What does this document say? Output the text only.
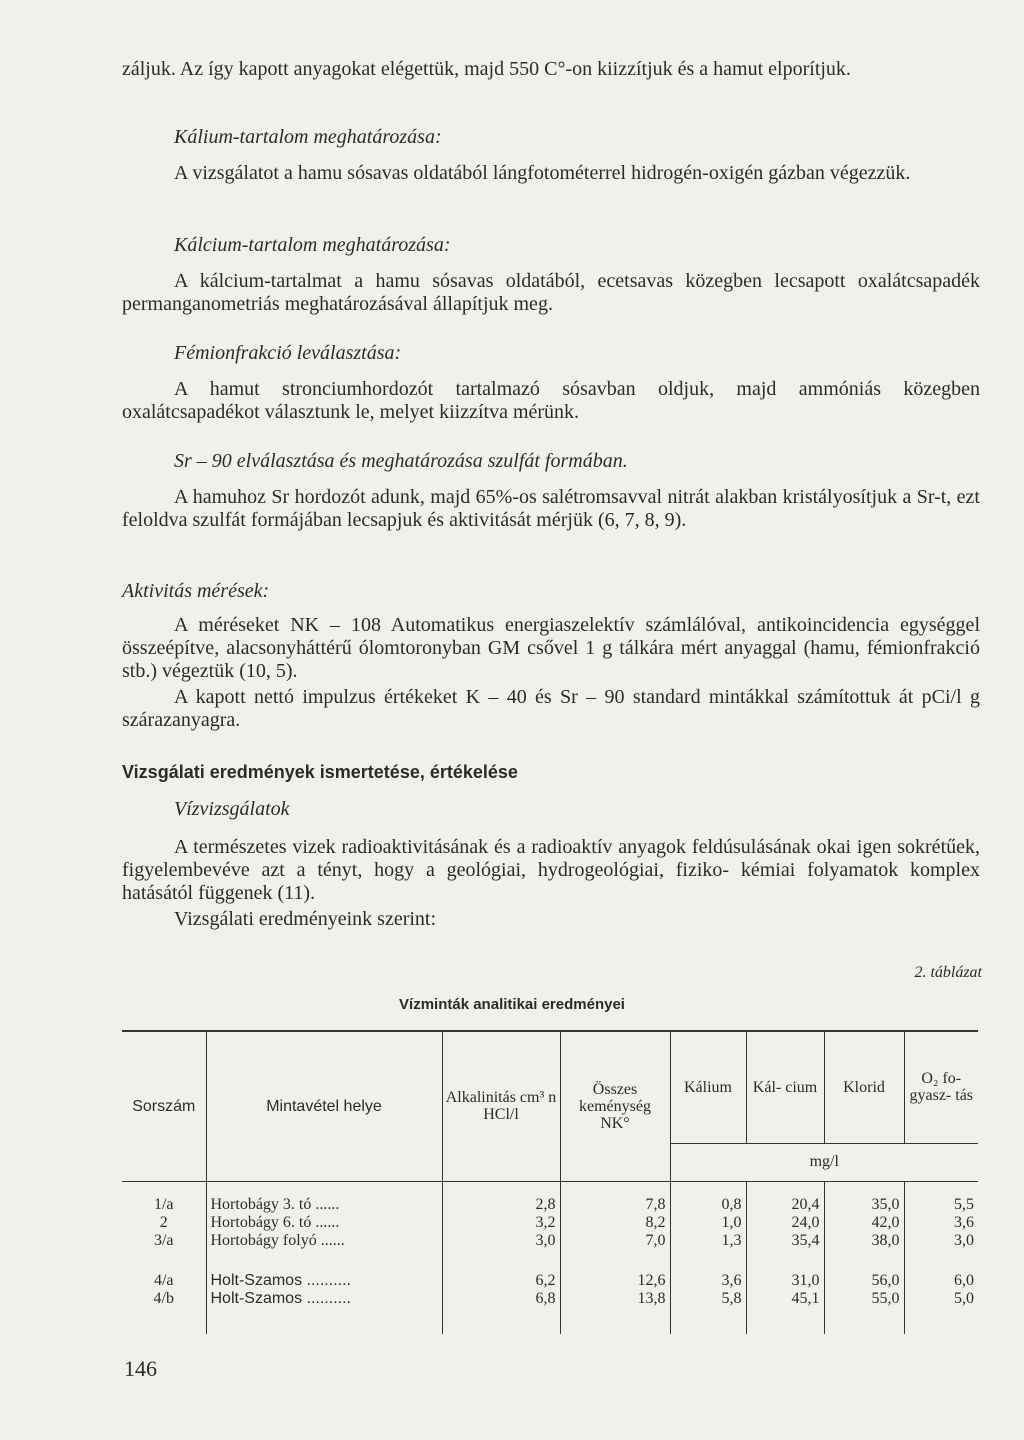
záljuk. Az így kapott anyagokat elégettük, majd 550 C°-on kiizzítjuk és a hamut elporítjuk.

Kálium-tartalom meghatározása:

A vizsgálatot a hamu sósavas oldatából lángfotométerrel hidrogén-oxigén gázban végezzük.

Kálcium-tartalom meghatározása:

A kálcium-tartalmat a hamu sósavas oldatából, ecetsavas közegben lecsapott oxalátcsapadék permanganometriás meghatározásával állapítjuk meg.

Fémionfrakció leválasztása:

A hamut stronciumhordozót tartalmazó sósavban oldjuk, majd ammóniás közegben oxalátcsapadékot választunk le, melyet kiizzítva mérünk.

Sr – 90 elválasztása és meghatározása szulfát formában.

A hamuhoz Sr hordozót adunk, majd 65%-os salétromsavval nitrát alakban kristályosítjuk a Sr-t, ezt feloldva szulfát formájában lecsapjuk és aktivitását mérjük (6, 7, 8, 9).

Aktivitás mérések:

A méréseket NK – 108 Automatikus energiaszelektív számlálóval, antikoincidencia egységgel összeépítve, alacsonyháttérű ólomtoronyban GM csővel 1 g tálkára mért anyaggal (hamu, fémionfrakció stb.) végeztük (10, 5).

A kapott nettó impulzus értékeket K – 40 és Sr – 90 standard mintákkal számítottuk át pCi/l g szárazanyagra.

Vizsgálati eredmények ismertetése, értékelése

Vízvizsgálatok

A természetes vizek radioaktivitásának és a radioaktív anyagok feldúsulásának okai igen sokrétűek, figyelembevéve azt a tényt, hogy a geológiai, hydrogeológiai, fiziko- kémiai folyamatok komplex hatásától függenek (11).

Vizsgálati eredményeink szerint:

2. táblázat
Vízminták analitikai eredményei
Sorszám	Mintavétel helye	Alkalinitás cm³ n HCl/l	Összes keménység NK°	Kálium	Kál- cium	Klorid	O₂ fo- gyasz- tás
				mg/l			

1/a	Hortobágy 3. tó ......	2,8	7,8	0,8	20,4	35,0	5,5
2	Hortobágy 6. tó ......	3,2	8,2	1,0	24,0	42,0	3,6
3/a	Hortobágy folyó ......	3,0	7,0	1,3	35,4	38,0	3,0

4/a	Holt-Szamos ..........	6,2	12,6	3,6	31,0	56,0	6,0
4/b	Holt-Szamos ..........	6,8	13,8	5,8	45,1	55,0	5,0

146
